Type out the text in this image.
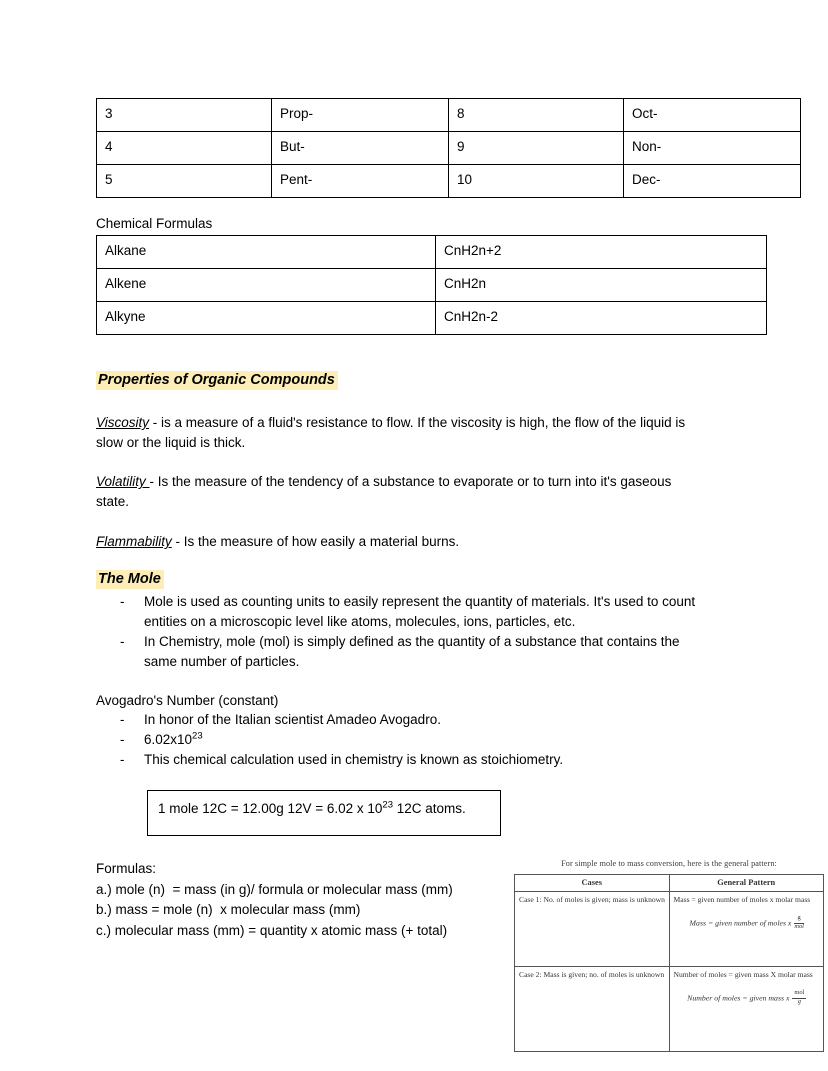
3	Prop-	8	Oct-
4	But-	9	Non-
5	Pent-	10	Dec-
Chemical Formulas
Alkane	CnH2n+2
Alkene	CnH2n
Alkyne	CnH2n-2
Properties of Organic Compounds
Viscosity - is a measure of a fluid's resistance to flow. If the viscosity is high, the flow of the liquid is slow or the liquid is thick.
Volatility - Is the measure of the tendency of a substance to evaporate or to turn into it's gaseous state.
Flammability - Is the measure of how easily a material burns.
The Mole
- Mole is used as counting units to easily represent the quantity of materials. It's used to count entities on a microscopic level like atoms, molecules, ions, particles, etc.
- In Chemistry, mole (mol) is simply defined as the quantity of a substance that contains the same number of particles.
Avogadro's Number (constant)
- In honor of the Italian scientist Amadeo Avogadro.
- $6.02x10^{23}$
- This chemical calculation used in chemistry is known as stoichiometry.
1 mole 12C = 12.00g 12V = 6.02 x $10^{23}$ 12C atoms.
Formulas:
a.) mole (n)  = mass (in g)/ formula or molecular mass (mm)
b.) mass = mole (n)  x molecular mass (mm)
c.) molecular mass (mm) = quantity x atomic mass (+ total)
For simple mole to mass conversion, here is the general pattern:
Cases	General Pattern
Case 1: No. of moles is given; mass is unknown	Mass = given number of moles x molar mass
Mass = given number of moles x $\frac{g}{\text{mol}}$

Case 2: Mass is given; no. of moles is unknown	Number of moles = given mass X molar mass
Number of moles = given mass x $\frac{\text{mol}}{g}$
